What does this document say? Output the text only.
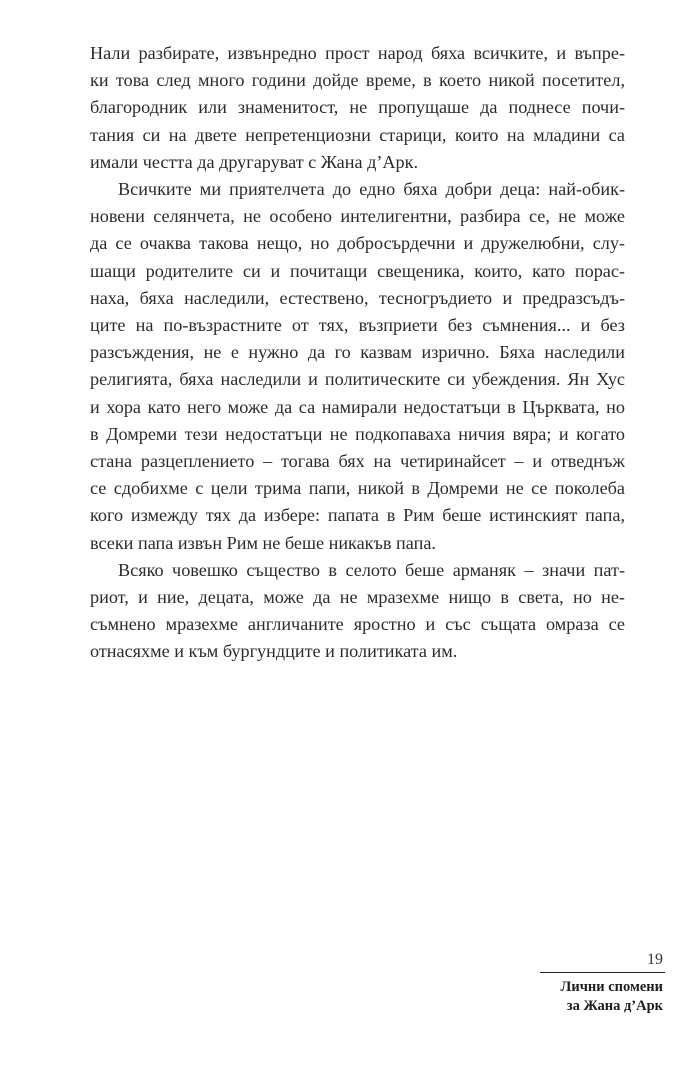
Нали разбирате, извънредно прост народ бяха всичките, и въпре-
ки това след много години дойде време, в което никой посетител,
благородник или знаменитост, не пропущаше да поднесе почи-
тания си на двете непретенциозни старици, които на младини са
имали честта да другаруват с Жана д’Арк.
Всичките ми приятелчета до едно бяха добри деца: най-обик-
новени селянчета, не особено интелигентни, разбира се, не може
да се очаква такова нещо, но добросърдечни и дружелюбни, слу-
шащи родителите си и почитащи свещеника, които, като порас-
наха, бяха наследили, естествено, тесногръдието и предразсъдъ-
ците на по-възрастните от тях, възприети без съмнения... и без
разсъждения, не е нужно да го казвам изрично. Бяха наследили
религията, бяха наследили и политическите си убеждения. Ян Хус
и хора като него може да са намирали недостатъци в Църквата, но
в Домреми тези недостатъци не подкопаваха ничия вяра; и когато
стана разцеплението – тогава бях на четиринайсет – и отведнъж
се сдобихме с цели трима папи, никой в Домреми не се поколеба
кого измежду тях да избере: папата в Рим беше истинският папа,
всеки папа извън Рим не беше никакъв папа.
Всяко човешко същество в селото беше арманяк – значи пат-
риот, и ние, децата, може да не мразехме нищо в света, но не-
съмнено мразехме англичаните яростно и със същата омраза се
отнасяхме и към бургундците и политиката им.
19
Лични спомени
за Жана д’Арк
